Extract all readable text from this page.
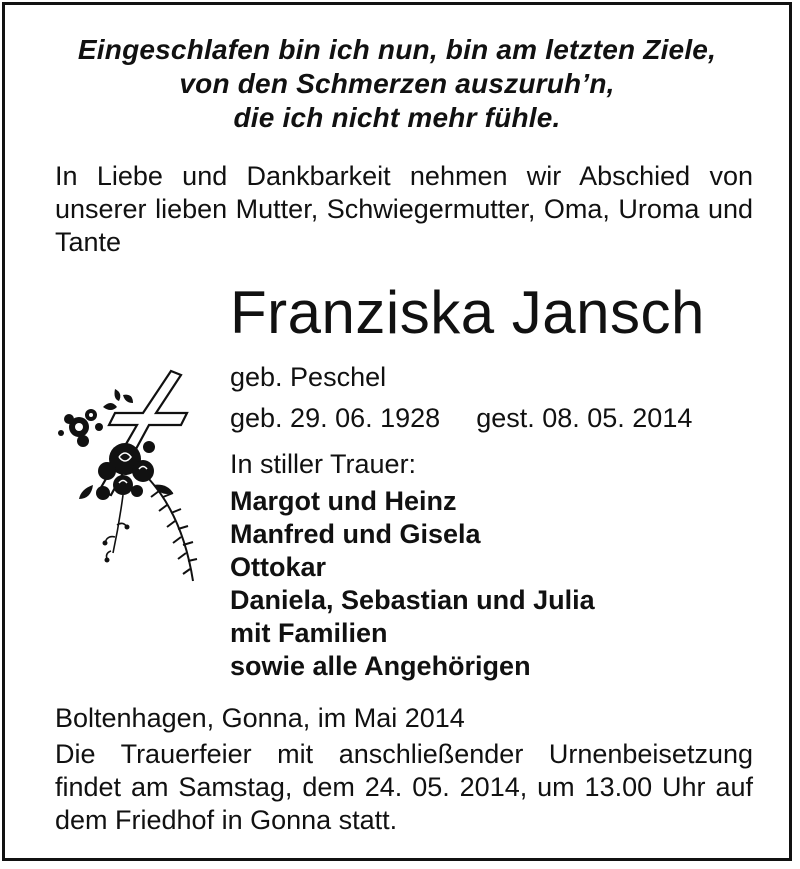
Eingeschlafen bin ich nun, bin am letzten Ziele,
von den Schmerzen auszuruh’n,
die ich nicht mehr fühle.
In Liebe und Dankbarkeit nehmen wir Abschied von unserer lieben Mutter, Schwiegermutter, Oma, Uroma und Tante
Franziska Jansch
geb. Peschel
geb. 29. 06. 1928 gest. 08. 05. 2014
In stiller Trauer:
Margot und Heinz
Manfred und Gisela
Ottokar
Daniela, Sebastian und Julia
mit Familien
sowie alle Angehörigen
Boltenhagen, Gonna, im Mai 2014
Die Trauerfeier mit anschließender Urnenbeisetzung findet am Samstag, dem 24. 05. 2014, um 13.00 Uhr auf dem Friedhof in Gonna statt.
